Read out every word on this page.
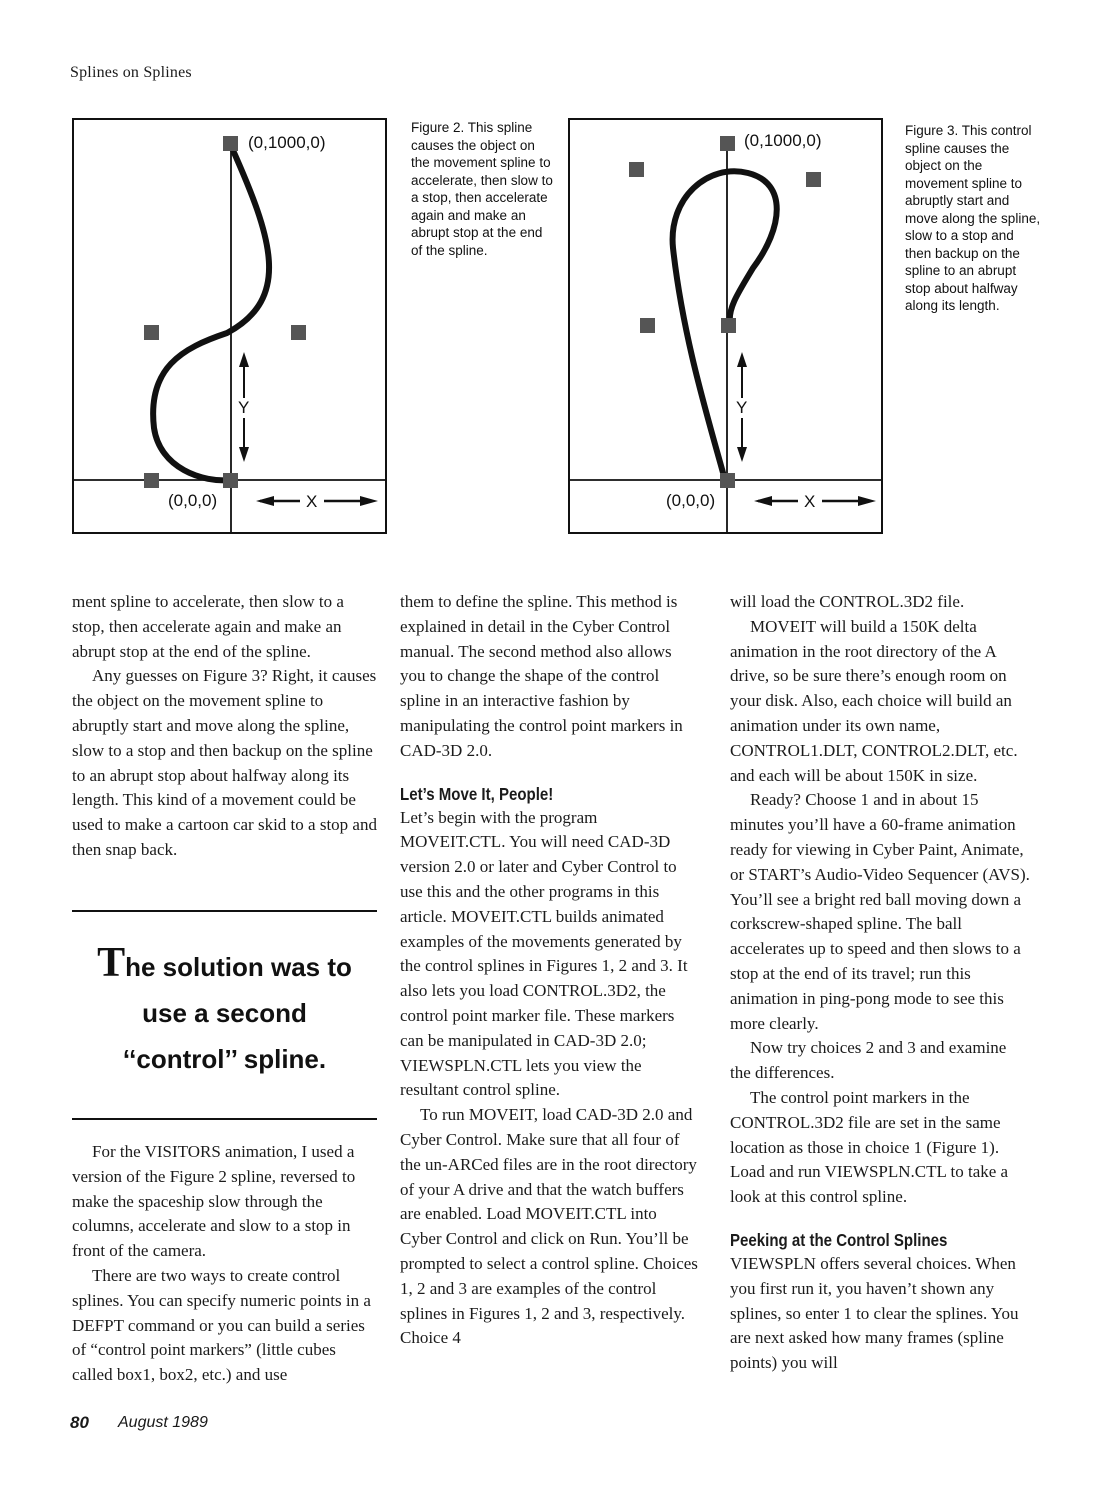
Splines on Splines
Y
X
(0,1000,0)
(0,0,0)
Figure 2. This spline causes the object on the movement spline to accelerate, then slow to a stop, then accelerate again and make an abrupt stop at the end of the spline.
Y
X
(0,1000,0)
(0,0,0)
Figure 3. This control spline causes the object on the movement spline to abruptly start and move along the spline, slow to a stop and then backup on the spline to an abrupt stop about halfway along its length.

ment spline to accelerate, then slow to a stop, then accelerate again and make an abrupt stop at the end of the spline.

Any guesses on Figure 3? Right, it causes the object on the movement spline to abruptly start and move along the spline, slow to a stop and then backup on the spline to an abrupt stop about halfway along its length. This kind of a movement could be used to make a cartoon car skid to a stop and then snap back.

The solution was to
use a second
‘‘control’’ spline.

For the VISITORS animation, I used a version of the Figure 2 spline, reversed to make the spaceship slow through the columns, accelerate and slow to a stop in front of the camera.

There are two ways to create control splines. You can specify numeric points in a DEFPT command or you can build a series of “control point markers” (little cubes called box1, box2, etc.) and use

them to define the spline. This method is explained in detail in the Cyber Control manual. The second method also allows you to change the shape of the control spline in an interactive fashion by manipulating the control point markers in CAD-3D 2.0.

Let’s Move It, People!

Let’s begin with the program MOVEIT.CTL. You will need CAD-3D version 2.0 or later and Cyber Control to use this and the other programs in this article. MOVEIT.CTL builds animated examples of the movements generated by the control splines in Figures 1, 2 and 3. It also lets you load CONTROL.3D2, the control point marker file. These markers can be manipulated in CAD-3D 2.0; VIEWSPLN.CTL lets you view the resultant control spline.

To run MOVEIT, load CAD-3D 2.0 and Cyber Control. Make sure that all four of the un-ARCed files are in the root directory of your A drive and that the watch buffers are enabled. Load MOVEIT.CTL into Cyber Control and click on Run. You’ll be prompted to select a control spline. Choices 1, 2 and 3 are examples of the control splines in Figures 1, 2 and 3, respectively. Choice 4

will load the CONTROL.3D2 file.

MOVEIT will build a 150K delta animation in the root directory of the A drive, so be sure there’s enough room on your disk. Also, each choice will build an animation under its own name, CONTROL1.DLT, CONTROL2.DLT, etc. and each will be about 150K in size.

Ready? Choose 1 and in about 15 minutes you’ll have a 60-frame animation ready for viewing in Cyber Paint, Animate, or START’s Audio-Video Sequencer (AVS). You’ll see a bright red ball moving down a corkscrew-shaped spline. The ball accelerates up to speed and then slows to a stop at the end of its travel; run this animation in ping-pong mode to see this more clearly.

Now try choices 2 and 3 and examine the differences.

The control point markers in the CONTROL.3D2 file are set in the same location as those in choice 1 (Figure 1). Load and run VIEWSPLN.CTL to take a look at this control spline.

Peeking at the Control Splines

VIEWSPLN offers several choices. When you first run it, you haven’t shown any splines, so enter 1 to clear the splines. You are next asked how many frames (spline points) you will

80 August 1989
